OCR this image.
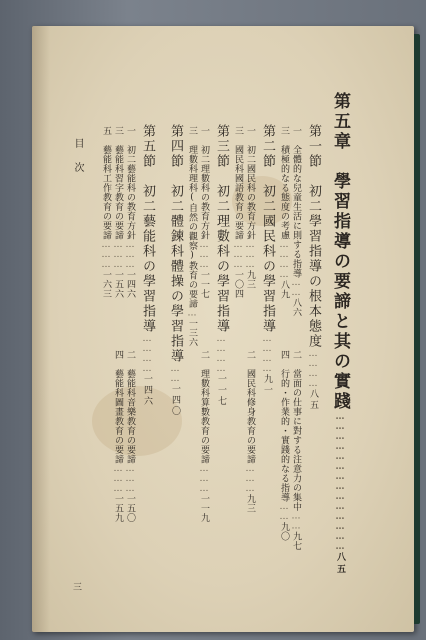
第五章　學習指導の要諦と其の實踐……………………………………八五
第一節　初二學習指導の根本態度…………八五
一　全體的な兒童生活に則する指導……八六
三　積極的なる態度の考慮…………八九
二　當面の仕事に對する注意力の集中……九七
四　行的・作業的・實踐的なる指導……九〇
第二節　初二國民科の學習指導…………九一
一　初二國民科の教育方針………九三
三　國民科國語教育の要諦………一〇四
二　國民科修身教育の要諦………九三
第三節　初二理數科の學習指導…………一一七
一　初二理數科の教育方針………一一七
三　理數科理科(自然の觀察)教育の要諦…一三六
二　理數科算數教育の要諦………一一九
第四節　初二體鍊科體操の學習指導……一四〇
第五節　初二藝能科の學習指導…………一四六
一　初二藝能科の教育方針………一四六
三　藝能科習字教育の要諦………一五六
五　藝能科工作教育の要諦………一六三
二　藝能科音樂教育の要諦………一五〇
四　藝能科圖畫教育の要諦………一五九
目　次
三
